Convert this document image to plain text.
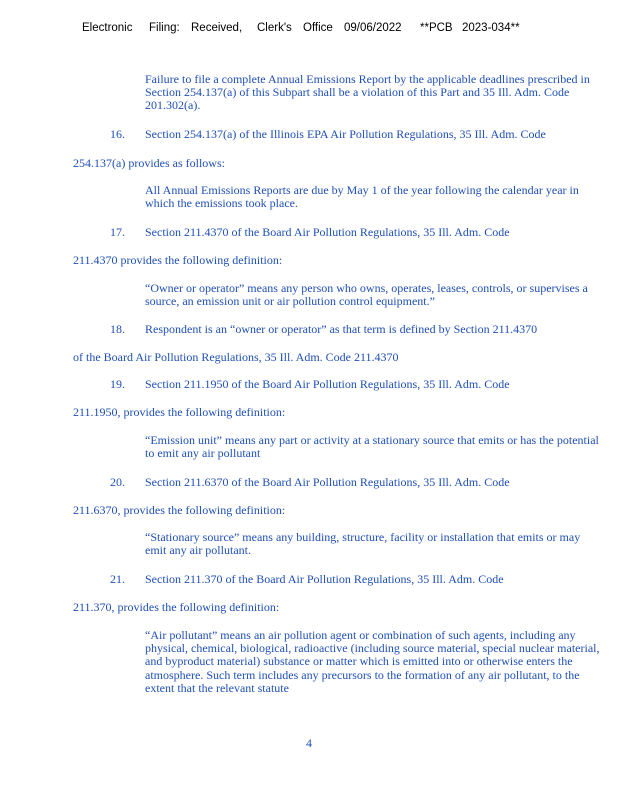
Electronic Filing: Received, Clerk's Office 09/06/2022 **PCB 2023-034**

Failure to file a complete Annual Emissions Report by the applicable deadlines prescribed in Section 254.137(a) of this Subpart shall be a violation of this Part and 35 Ill. Adm. Code 201.302(a).

16. Section 254.137(a) of the Illinois EPA Air Pollution Regulations, 35 Ill. Adm. Code
254.137(a) provides as follows:

All Annual Emissions Reports are due by May 1 of the year following the calendar year in which the emissions took place.

17. Section 211.4370 of the Board Air Pollution Regulations, 35 Ill. Adm. Code
211.4370 provides the following definition:

“Owner or operator” means any person who owns, operates, leases, controls, or supervises a source, an emission unit or air pollution control equipment.”

18. Respondent is an “owner or operator” as that term is defined by Section 211.4370
of the Board Air Pollution Regulations, 35 Ill. Adm. Code 211.4370
19. Section 211.1950 of the Board Air Pollution Regulations, 35 Ill. Adm. Code
211.1950, provides the following definition:

“Emission unit” means any part or activity at a stationary source that emits or has the potential to emit any air pollutant

20. Section 211.6370 of the Board Air Pollution Regulations, 35 Ill. Adm. Code
211.6370, provides the following definition:

“Stationary source” means any building, structure, facility or installation that emits or may emit any air pollutant.

21. Section 211.370 of the Board Air Pollution Regulations, 35 Ill. Adm. Code
211.370, provides the following definition:

“Air pollutant” means an air pollution agent or combination of such agents, including any physical, chemical, biological, radioactive (including source material, special nuclear material, and byproduct material) substance or matter which is emitted into or otherwise enters the atmosphere. Such term includes any precursors to the formation of any air pollutant, to the extent that the relevant statute

4
